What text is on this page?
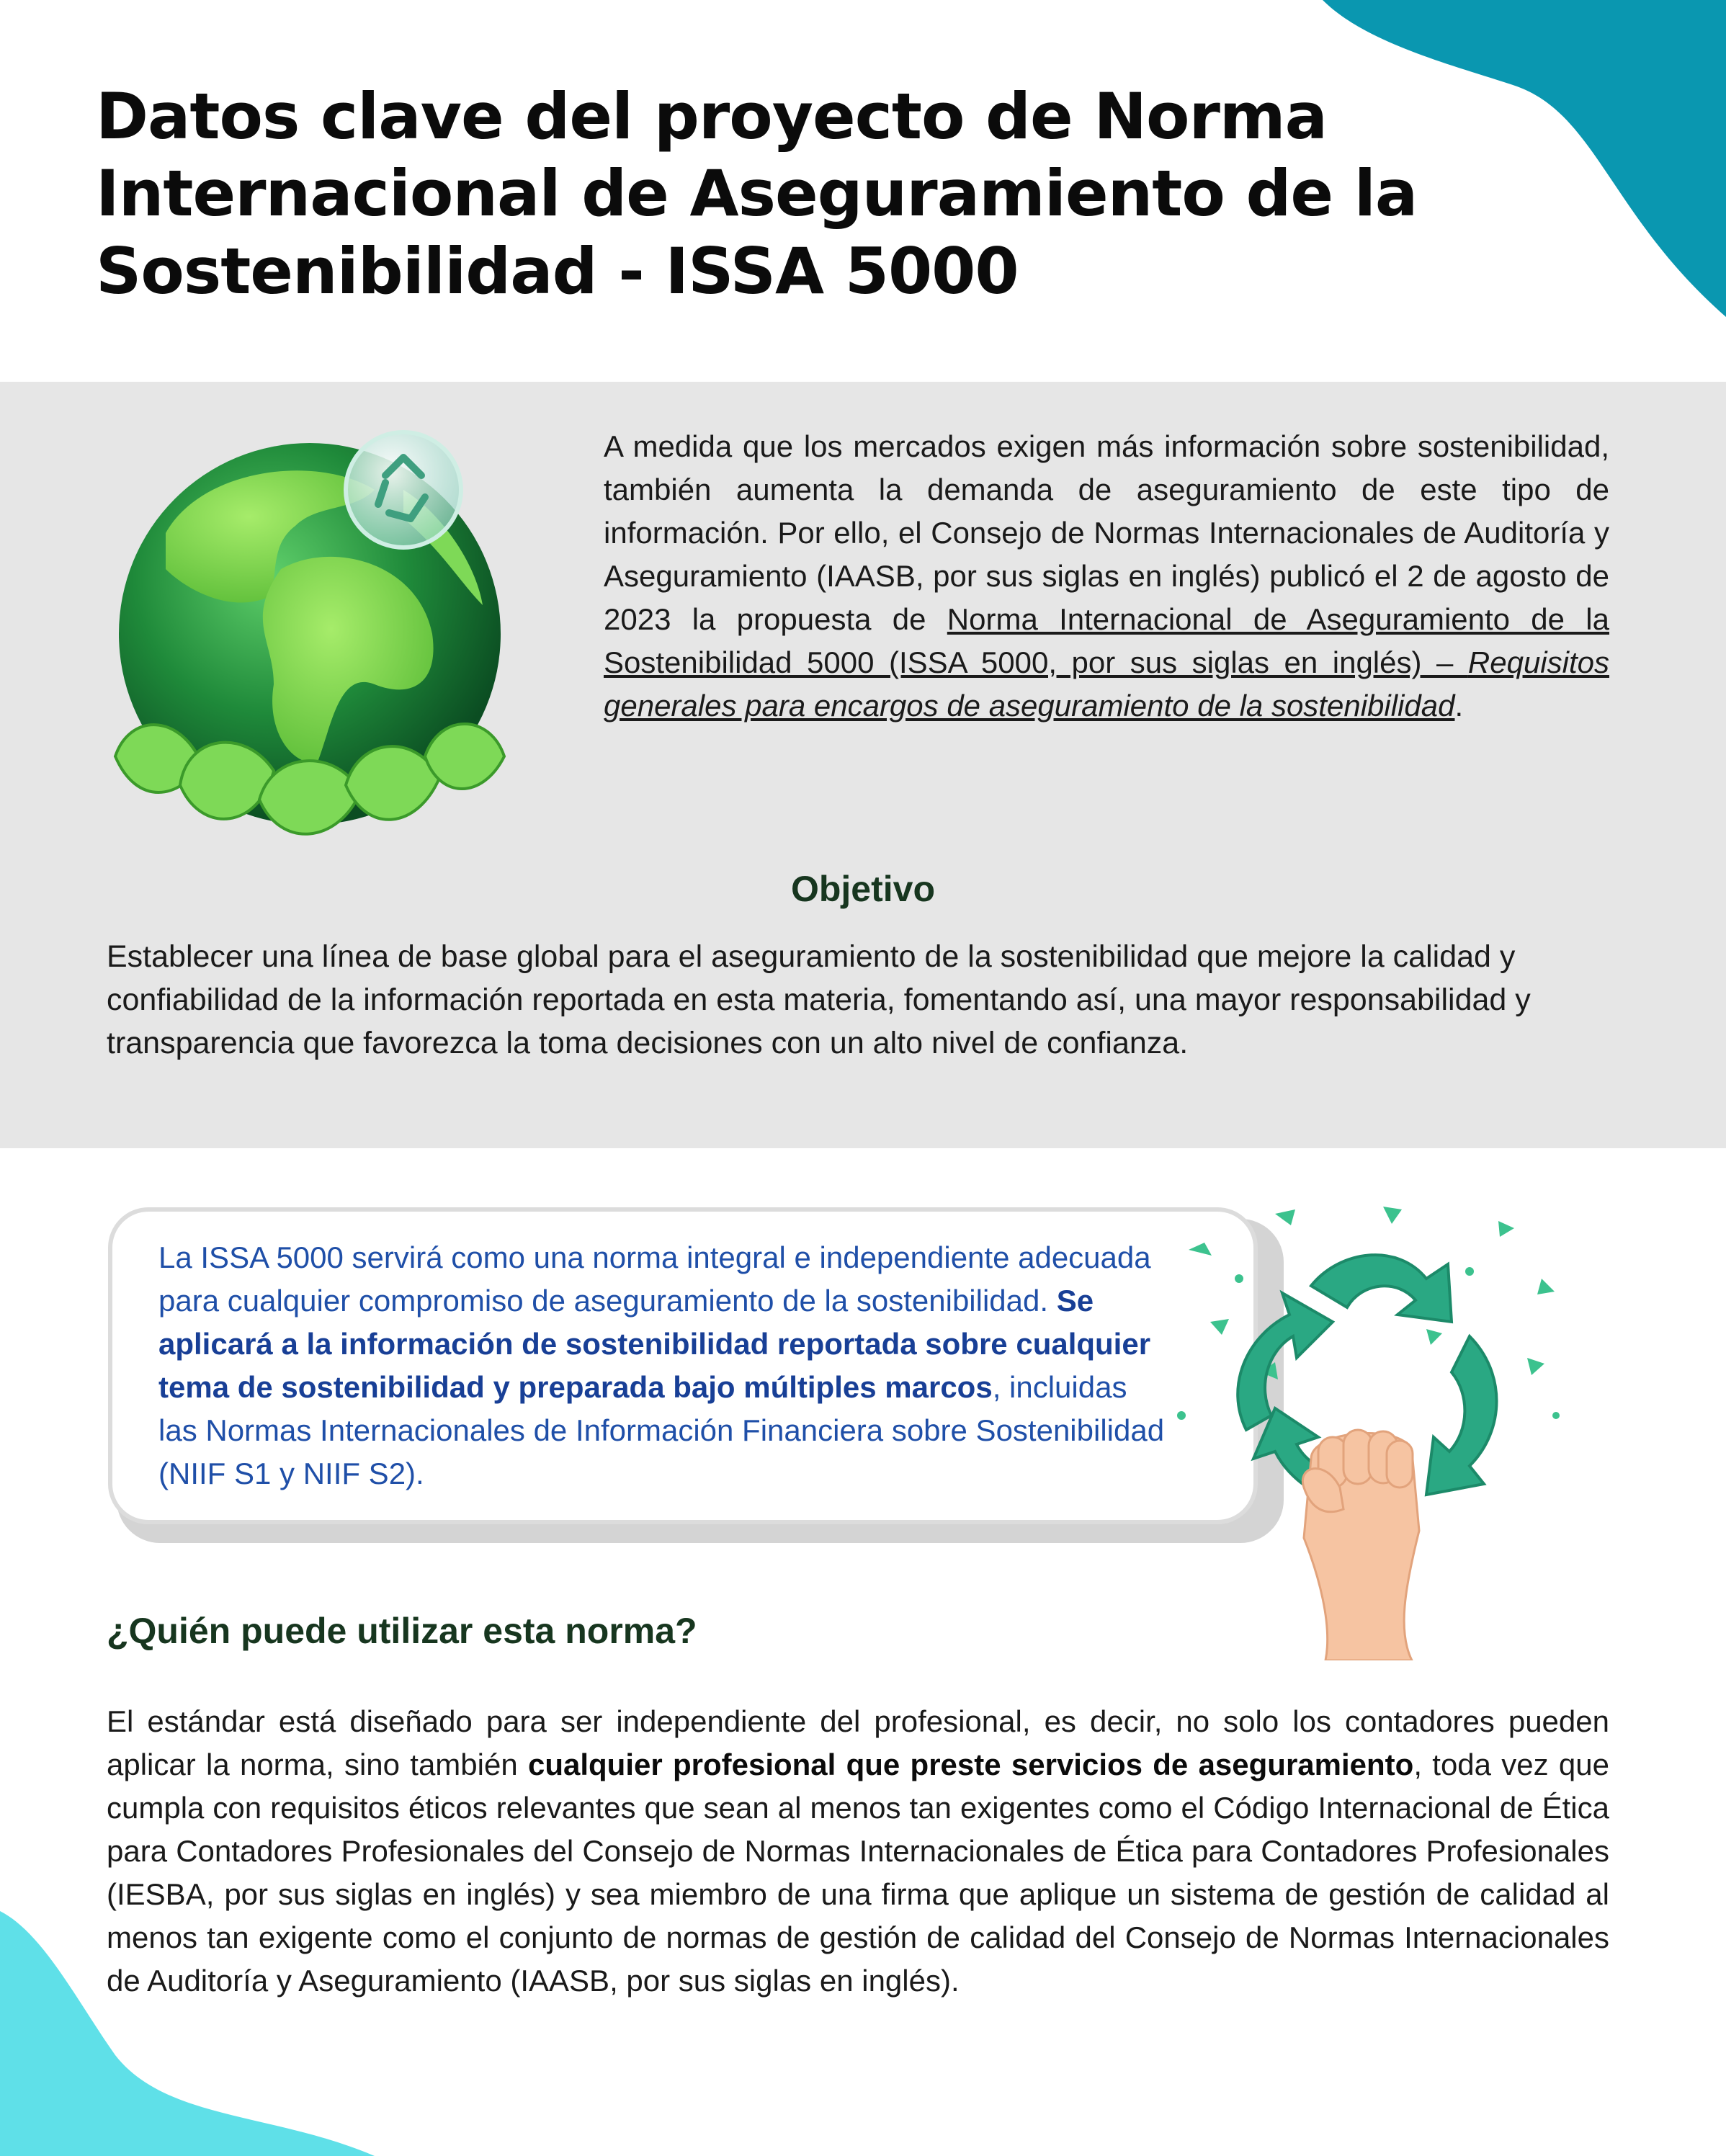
Datos clave del proyecto de Norma
Internacional de Aseguramiento de la
Sostenibilidad - ISSA 5000

A medida que los mercados exigen más información sobre sostenibilidad, también aumenta la demanda de aseguramiento de este tipo de información. Por ello, el Consejo de Normas Internacionales de Auditoría y Aseguramiento (IAASB, por sus siglas en inglés) publicó el 2 de agosto de 2023 la propuesta de Norma Internacional de Aseguramiento de la Sostenibilidad 5000 (ISSA 5000, por sus siglas en inglés) – Requisitos generales para encargos de aseguramiento de la sostenibilidad.

Objetivo

Establecer una línea de base global para el aseguramiento de la sostenibilidad que mejore la calidad y confiabilidad de la información reportada en esta materia, fomentando así, una mayor responsabilidad y transparencia que favorezca la toma decisiones con un alto nivel de confianza.

La ISSA 5000 servirá como una norma integral e independiente adecuada para cualquier compromiso de aseguramiento de la sostenibilidad. Se aplicará a la información de sostenibilidad reportada sobre cualquier tema de sostenibilidad y preparada bajo múltiples marcos, incluidas las Normas Internacionales de Información Financiera sobre Sostenibilidad (NIIF S1 y NIIF S2).

¿Quién puede utilizar esta norma?

El estándar está diseñado para ser independiente del profesional, es decir, no solo los contadores pueden aplicar la norma, sino también cualquier profesional que preste servicios de aseguramiento, toda vez que cumpla con requisitos éticos relevantes que sean al menos tan exigentes como el Código Internacional de Ética para Contadores Profesionales del Consejo de Normas Internacionales de Ética para Contadores Profesionales (IESBA, por sus siglas en inglés) y sea miembro de una firma que aplique un sistema de gestión de calidad al menos tan exigente como el conjunto de normas de gestión de calidad del Consejo de Normas Internacionales de Auditoría y Aseguramiento (IAASB, por sus siglas en inglés).
